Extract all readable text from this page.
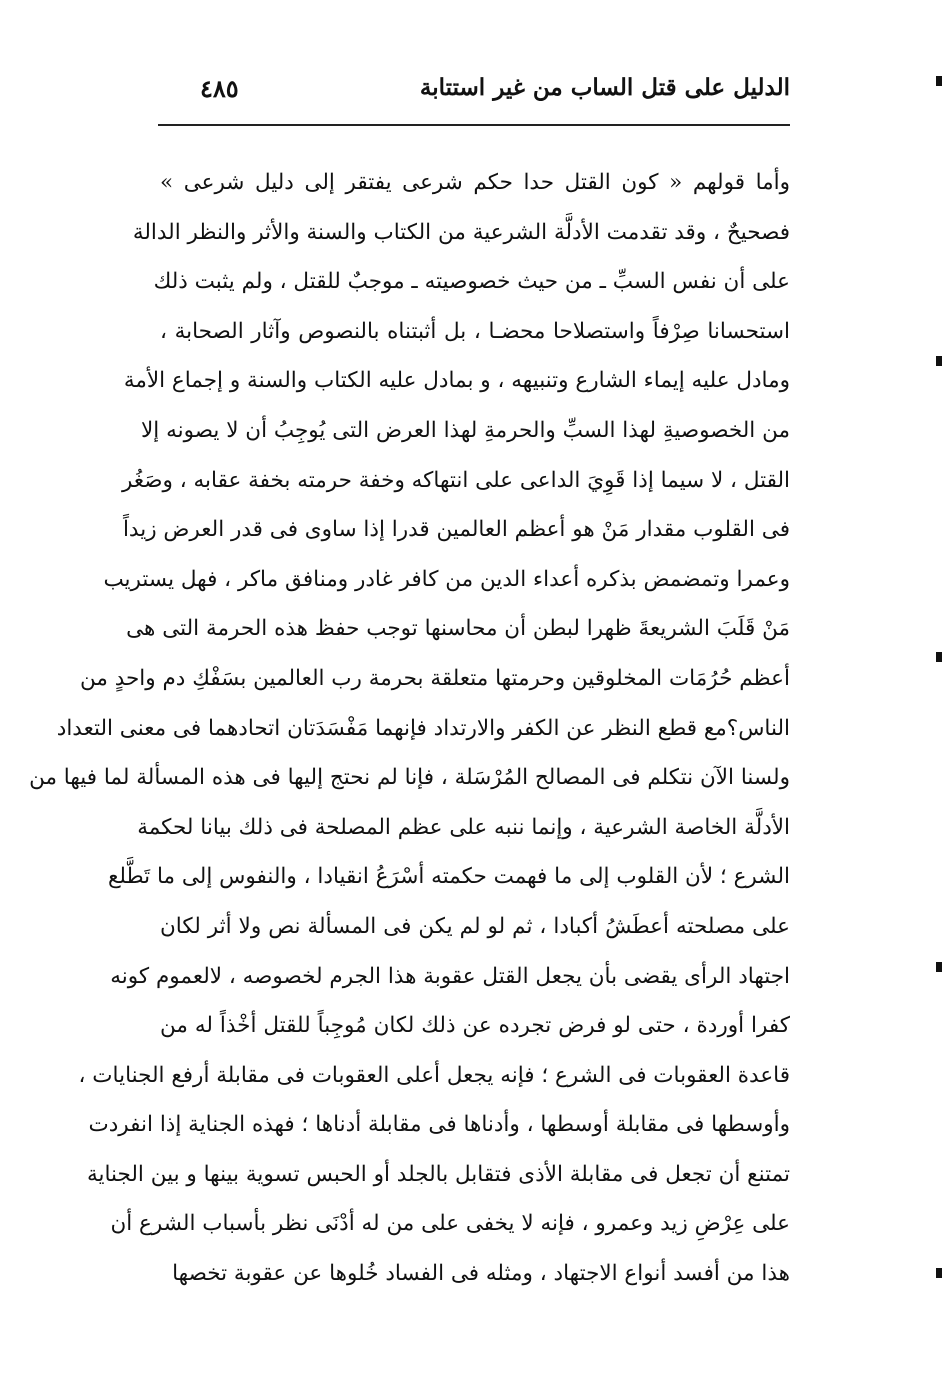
الدليل على قتل الساب من غير استتابة
٤٨٥
وأما قولهم « كون القتل حدا حكم شرعى يفتقر إلى دليل شرعى »
فصحيحٌ ، وقد تقدمت الأدلَّة الشرعية من الكتاب والسنة والأثر والنظر الدالة
على أن نفس السبِّ ـ من حيث خصوصيته ـ موجبٌ للقتل ، ولم يثبت ذلك
استحسانا صِرْفاً واستصلاحا محضـا ، بل أثبتناه بالنصوص وآثار الصحابة ،
ومادل عليه إيماء الشارع وتنبيهه ، و بمادل عليه الكتاب والسنة و إجماع الأمة
من الخصوصيةِ لهذا السبِّ والحرمةِ لهذا العرض التى يُوجِبُ أن لا يصونه إلا
القتل ، لا سيما إذا قَوِيَ الداعى على انتهاكه وخفة حرمته بخفة عقابه ، وصَغُر
فى القلوب مقدار مَنْ هو أعظم العالمين قدرا إذا ساوى فى قدر العرض زيداً
وعمرا وتمضمض بذكره أعداء الدين من كافر غادر ومنافق ماكر ، فهل يستريب
مَنْ قَلَبَ الشريعةَ ظهرا لبطن أن محاسنها توجب حفظ هذه الحرمة التى هى
أعظم حُرُمَات المخلوقين وحرمتها متعلقة بحرمة رب العالمين بسَفْكِ دم واحدٍ من
الناس؟مع قطع النظر عن الكفر والارتداد فإنهما مَفْسَدَتان اتحادهما فى معنى التعداد
ولسنا الآن نتكلم فى المصالح المُرْسَلة ، فإنا لم نحتج إليها فى هذه المسألة لما فيها من
الأدلَّة الخاصة الشرعية ، وإنما ننبه على عظم المصلحة فى ذلك بيانا لحكمة
الشرع ؛ لأن القلوب إلى ما فهمت حكمته أسْرَعُ انقيادا ، والنفوس إلى ما تَطَّلع
على مصلحته أعطَشُ أكبادا ، ثم لو لم يكن فى المسألة نص ولا أثر لكان
اجتهاد الرأى يقضى بأن يجعل القتل عقوبة هذا الجرم لخصوصه ، لالعموم كونه
كفرا أوردة ، حتى لو فرض تجرده عن ذلك لكان مُوجِباً للقتل أخْذاً له من
قاعدة العقوبات فى الشرع ؛ فإنه يجعل أعلى العقوبات فى مقابلة أرفع الجنايات ،
وأوسطها فى مقابلة أوسطها ، وأدناها فى مقابلة أدناها ؛ فهذه الجناية إذا انفردت
تمتنع أن تجعل فى مقابلة الأذى فتقابل بالجلد أو الحبس تسوية بينها و بين الجناية
على عِرْضِ زيد وعمرو ، فإنه لا يخفى على من له أدْنَى نظر بأسباب الشرع أن
هذا من أفسد أنواع الاجتهاد ، ومثله فى الفساد خُلوها عن عقوبة تخصها
